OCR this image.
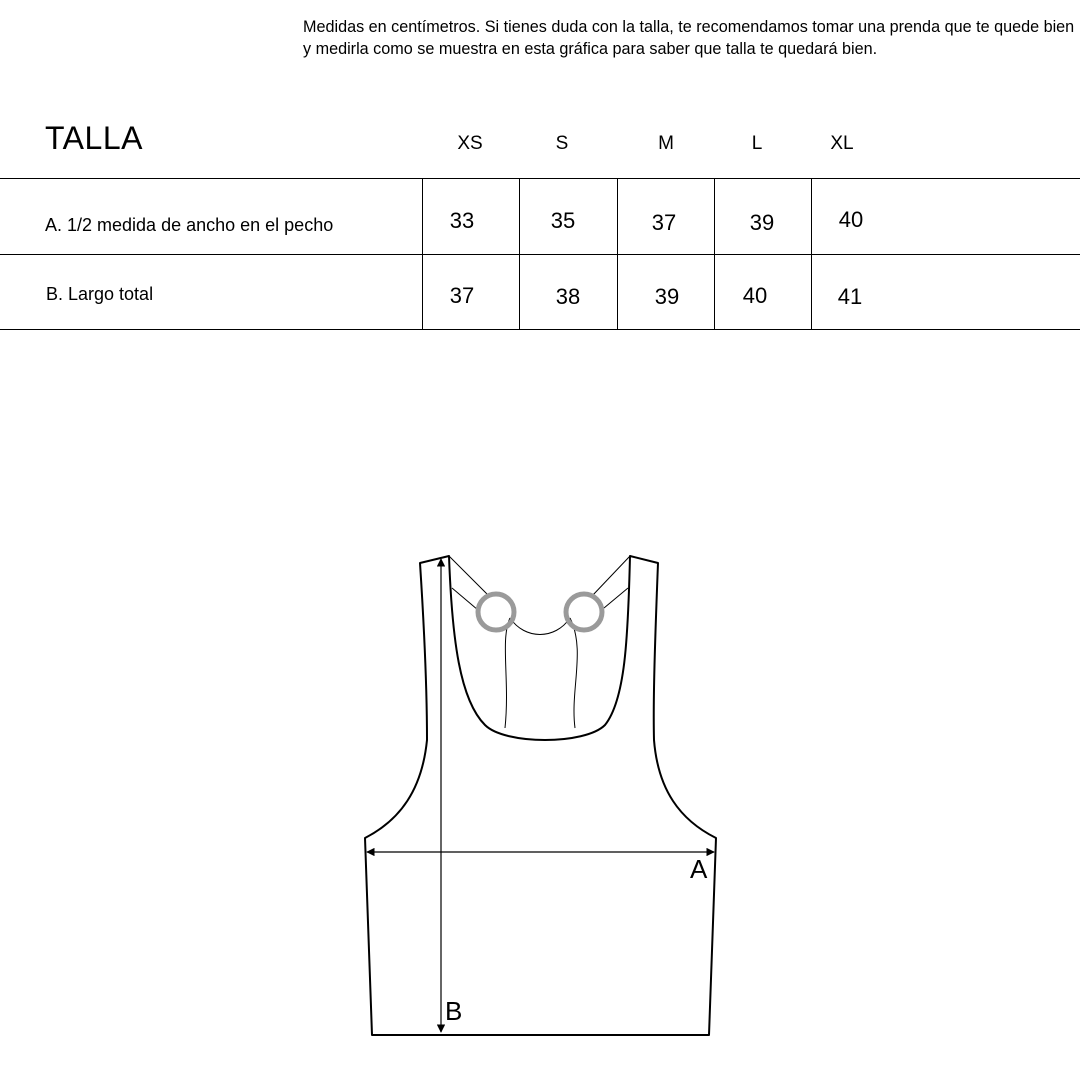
Medidas en centímetros. Si tienes duda con la talla, te recomendamos tomar una prenda que te quede bien y medirla como se muestra en esta gráfica para saber que talla te quedará bien.

TALLA	XS	S	M	L	XL
A. 1/2 medida de ancho en el pecho	33	35	37	39	40
B. Largo total	37	38	39	40	41
A
B
